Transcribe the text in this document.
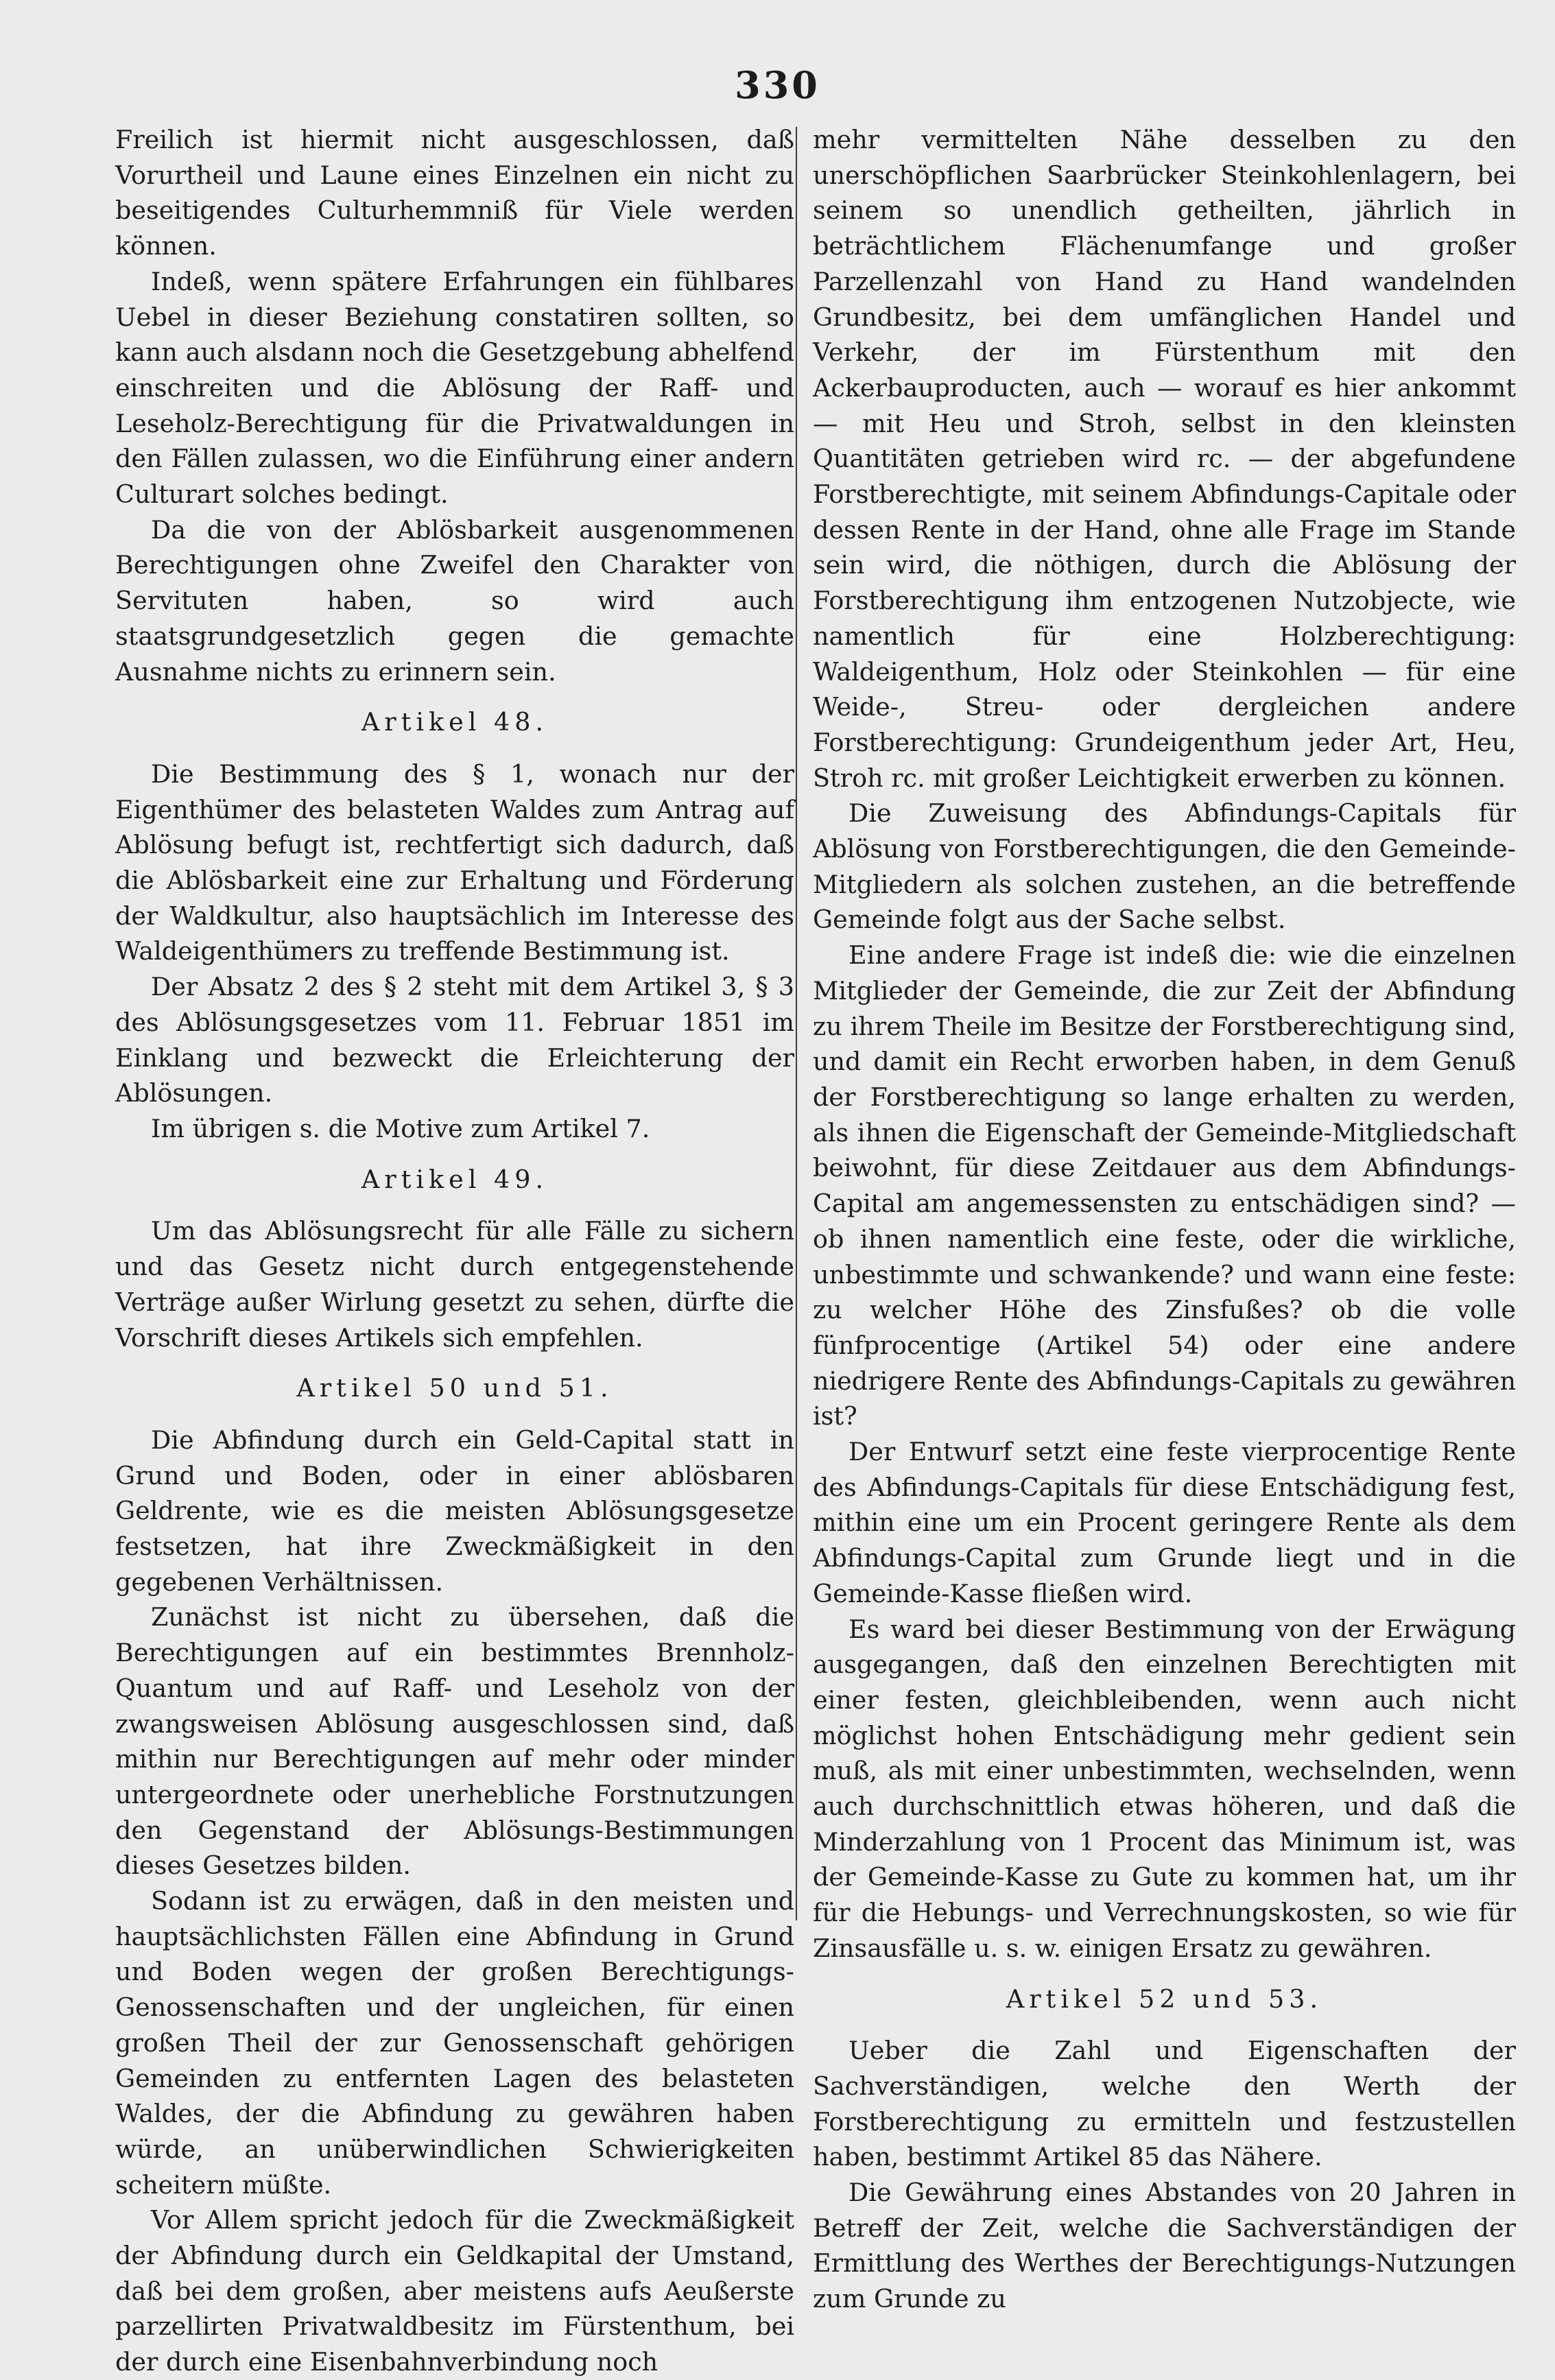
330

Freilich ist hiermit nicht ausgeschlossen, daß Vorurtheil und Laune eines Einzelnen ein nicht zu beseitigendes Culturhemmniß für Viele werden können.

Indeß, wenn spätere Erfahrungen ein fühlbares Uebel in dieser Beziehung constatiren sollten, so kann auch alsdann noch die Gesetzgebung abhelfend einschreiten und die Ablösung der Raff- und Leseholz-Berechtigung für die Privatwaldungen in den Fällen zulassen, wo die Einführung einer andern Culturart solches bedingt.

Da die von der Ablösbarkeit ausgenommenen Berechtigungen ohne Zweifel den Charakter von Servituten haben, so wird auch staatsgrundgesetzlich gegen die gemachte Ausnahme nichts zu erinnern sein.

Artikel 48.

Die Bestimmung des § 1, wonach nur der Eigenthümer des belasteten Waldes zum Antrag auf Ablösung befugt ist, rechtfertigt sich dadurch, daß die Ablösbarkeit eine zur Erhaltung und Förderung der Waldkultur, also hauptsächlich im Interesse des Waldeigenthümers zu treffende Bestimmung ist.

Der Absatz 2 des § 2 steht mit dem Artikel 3, § 3 des Ablösungsgesetzes vom 11. Februar 1851 im Einklang und bezweckt die Erleichterung der Ablösungen.

Im übrigen s. die Motive zum Artikel 7.

Artikel 49.

Um das Ablösungsrecht für alle Fälle zu sichern und das Gesetz nicht durch entgegenstehende Verträge außer Wirlung gesetzt zu sehen, dürfte die Vorschrift dieses Artikels sich empfehlen.

Artikel 50 und 51.

Die Abfindung durch ein Geld-Capital statt in Grund und Boden, oder in einer ablösbaren Geldrente, wie es die meisten Ablösungsgesetze festsetzen, hat ihre Zweckmäßigkeit in den gegebenen Verhältnissen.

Zunächst ist nicht zu übersehen, daß die Berechtigungen auf ein bestimmtes Brennholz-Quantum und auf Raff- und Leseholz von der zwangsweisen Ablösung ausgeschlossen sind, daß mithin nur Berechtigungen auf mehr oder minder untergeordnete oder unerhebliche Forstnutzungen den Gegenstand der Ablösungs-Bestimmungen dieses Gesetzes bilden.

Sodann ist zu erwägen, daß in den meisten und hauptsächlichsten Fällen eine Abfindung in Grund und Boden wegen der großen Berechtigungs-Genossenschaften und der ungleichen, für einen großen Theil der zur Genossenschaft gehörigen Gemeinden zu entfernten Lagen des belasteten Waldes, der die Abfindung zu gewähren haben würde, an unüberwindlichen Schwierigkeiten scheitern müßte.

Vor Allem spricht jedoch für die Zweckmäßigkeit der Abfindung durch ein Geldkapital der Umstand, daß bei dem großen, aber meistens aufs Aeußerste parzellirten Privatwaldbesitz im Fürstenthum, bei der durch eine Eisenbahnverbindung noch

mehr vermittelten Nähe desselben zu den unerschöpflichen Saarbrücker Steinkohlenlagern, bei seinem so unendlich getheilten, jährlich in beträchtlichem Flächenumfange und großer Parzellenzahl von Hand zu Hand wandelnden Grundbesitz, bei dem umfänglichen Handel und Verkehr, der im Fürstenthum mit den Ackerbauproducten, auch — worauf es hier ankommt — mit Heu und Stroh, selbst in den kleinsten Quantitäten getrieben wird rc. — der abgefundene Forstberechtigte, mit seinem Abfindungs-Capitale oder dessen Rente in der Hand, ohne alle Frage im Stande sein wird, die nöthigen, durch die Ablösung der Forstberechtigung ihm entzogenen Nutzobjecte, wie namentlich für eine Holzberechtigung: Waldeigenthum, Holz oder Steinkohlen — für eine Weide-, Streu- oder dergleichen andere Forstberechtigung: Grundeigenthum jeder Art, Heu, Stroh rc. mit großer Leichtigkeit erwerben zu können.

Die Zuweisung des Abfindungs-Capitals für Ablösung von Forstberechtigungen, die den Gemeinde-Mitgliedern als solchen zustehen, an die betreffende Gemeinde folgt aus der Sache selbst.

Eine andere Frage ist indeß die: wie die einzelnen Mitglieder der Gemeinde, die zur Zeit der Abfindung zu ihrem Theile im Besitze der Forstberechtigung sind, und damit ein Recht erworben haben, in dem Genuß der Forstberechtigung so lange erhalten zu werden, als ihnen die Eigenschaft der Gemeinde-Mitgliedschaft beiwohnt, für diese Zeitdauer aus dem Abfindungs-Capital am angemessensten zu entschädigen sind? — ob ihnen namentlich eine feste, oder die wirkliche, unbestimmte und schwankende? und wann eine feste: zu welcher Höhe des Zinsfußes? ob die volle fünfprocentige (Artikel 54) oder eine andere niedrigere Rente des Abfindungs-Capitals zu gewähren ist?

Der Entwurf setzt eine feste vierprocentige Rente des Abfindungs-Capitals für diese Entschädigung fest, mithin eine um ein Procent geringere Rente als dem Abfindungs-Capital zum Grunde liegt und in die Gemeinde-Kasse fließen wird.

Es ward bei dieser Bestimmung von der Erwägung ausgegangen, daß den einzelnen Berechtigten mit einer festen, gleichbleibenden, wenn auch nicht möglichst hohen Entschädigung mehr gedient sein muß, als mit einer unbestimmten, wechselnden, wenn auch durchschnittlich etwas höheren, und daß die Minderzahlung von 1 Procent das Minimum ist, was der Gemeinde-Kasse zu Gute zu kommen hat, um ihr für die Hebungs- und Verrechnungskosten, so wie für Zinsausfälle u. s. w. einigen Ersatz zu gewähren.

Artikel 52 und 53.

Ueber die Zahl und Eigenschaften der Sachverständigen, welche den Werth der Forstberechtigung zu ermitteln und festzustellen haben, bestimmt Artikel 85 das Nähere.

Die Gewährung eines Abstandes von 20 Jahren in Betreff der Zeit, welche die Sachverständigen der Ermittlung des Werthes der Berechtigungs-Nutzungen zum Grunde zu
